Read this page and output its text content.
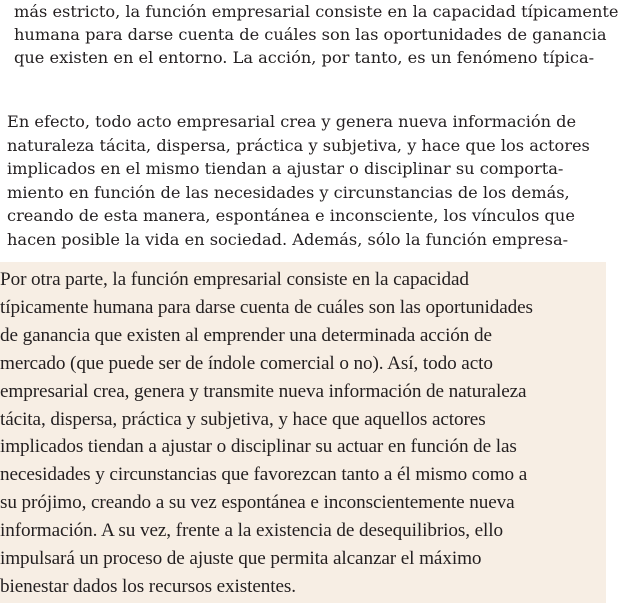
más estricto, la función empresarial consiste en la capacidad típicamente
humana para darse cuenta de cuáles son las oportunidades de ganancia
que existen en el entorno. La acción, por tanto, es un fenómeno típica-
En efecto, todo acto empresarial crea y genera nueva información de
naturaleza tácita, dispersa, práctica y subjetiva, y hace que los actores
implicados en el mismo tiendan a ajustar o disciplinar su comporta-
miento en función de las necesidades y circunstancias de los demás,
creando de esta manera, espontánea e inconsciente, los vínculos que
hacen posible la vida en sociedad. Además, sólo la función empresa-
Por otra parte, la función empresarial consiste en la capacidad
típicamente humana para darse cuenta de cuáles son las oportunidades
de ganancia que existen al emprender una determinada acción de
mercado (que puede ser de índole comercial o no). Así, todo acto
empresarial crea, genera y transmite nueva información de naturaleza
tácita, dispersa, práctica y subjetiva, y hace que aquellos actores
implicados tiendan a ajustar o disciplinar su actuar en función de las
necesidades y circunstancias que favorezcan tanto a él mismo como a
su prójimo, creando a su vez espontánea e inconscientemente nueva
información. A su vez, frente a la existencia de desequilibrios, ello
impulsará un proceso de ajuste que permita alcanzar el máximo
bienestar dados los recursos existentes.
